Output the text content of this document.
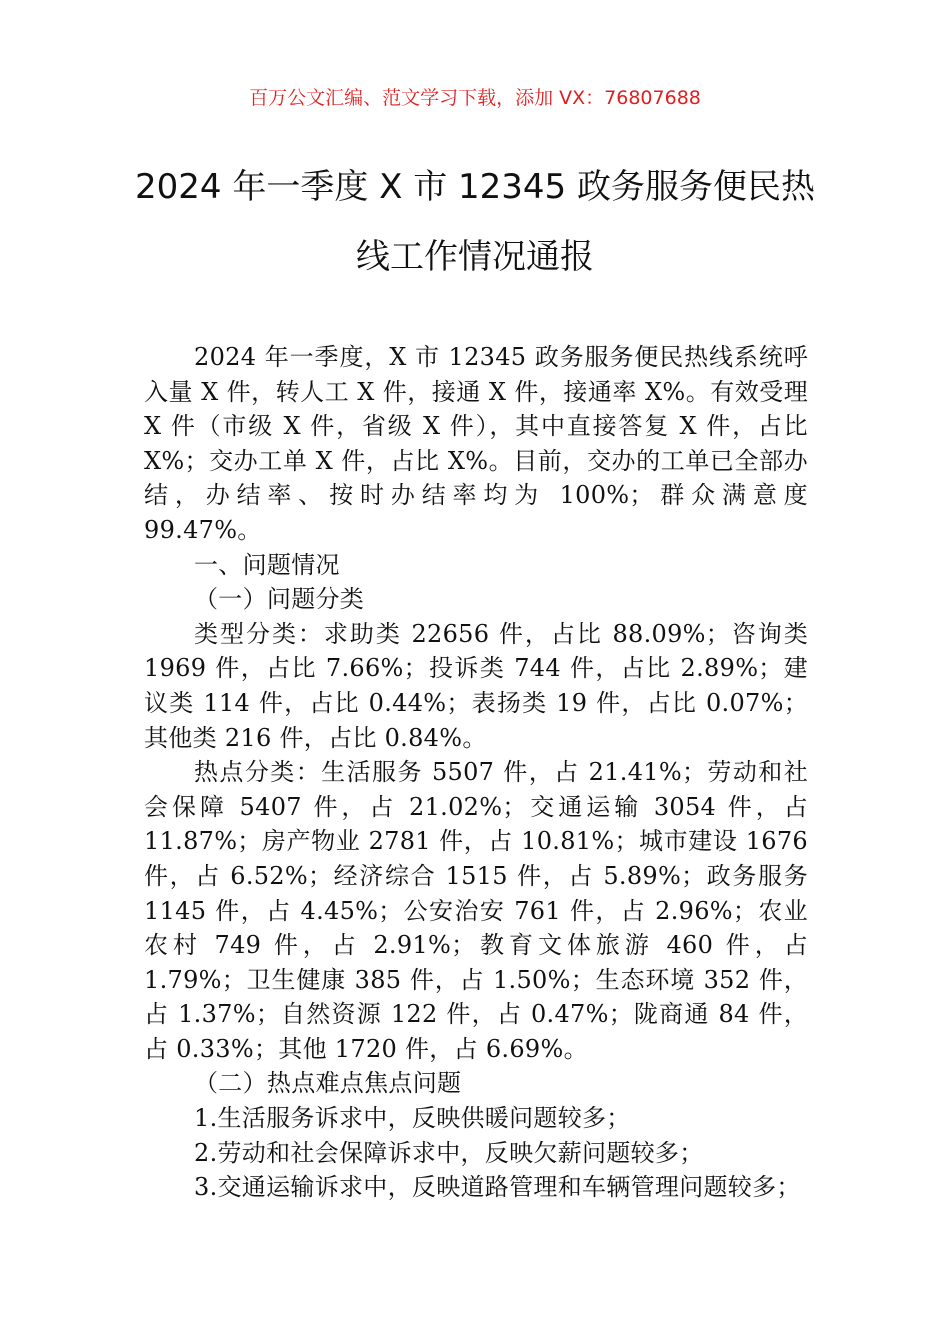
百万公文汇编、范文学习下载，添加 VX：76807688
2024 年一季度 X 市 12345 政务服务便民热
线工作情况通报

2024 年一季度，X 市 12345 政务服务便民热线系统呼入量 X 件，转人工 X 件，接通 X 件，接通率 X%。有效受理 X 件（市级 X 件，省级 X 件），其中直接答复 X 件，占比 X%；交办工单 X 件，占比 X%。目前，交办的工单已全部办结，办结率、按时办结率均为 100%；群众满意度 99.47%。

一、问题情况

（一）问题分类

类型分类：求助类 22656 件，占比 88.09%；咨询类 1969 件，占比 7.66%；投诉类 744 件，占比 2.89%；建议类 114 件，占比 0.44%；表扬类 19 件，占比 0.07%；其他类 216 件，占比 0.84%。

热点分类：生活服务 5507 件，占 21.41%；劳动和社会保障 5407 件，占 21.02%；交通运输 3054 件，占 11.87%；房产物业 2781 件，占 10.81%；城市建设 1676 件，占 6.52%；经济综合 1515 件，占 5.89%；政务服务 1145 件，占 4.45%；公安治安 761 件，占 2.96%；农业农村 749 件，占 2.91%；教育文体旅游 460 件，占 1.79%；卫生健康 385 件，占 1.50%；生态环境 352 件，占 1.37%；自然资源 122 件，占 0.47%；陇商通 84 件，占 0.33%；其他 1720 件，占 6.69%。

（二）热点难点焦点问题

1.生活服务诉求中，反映供暖问题较多；

2.劳动和社会保障诉求中，反映欠薪问题较多；

3.交通运输诉求中，反映道路管理和车辆管理问题较多；
